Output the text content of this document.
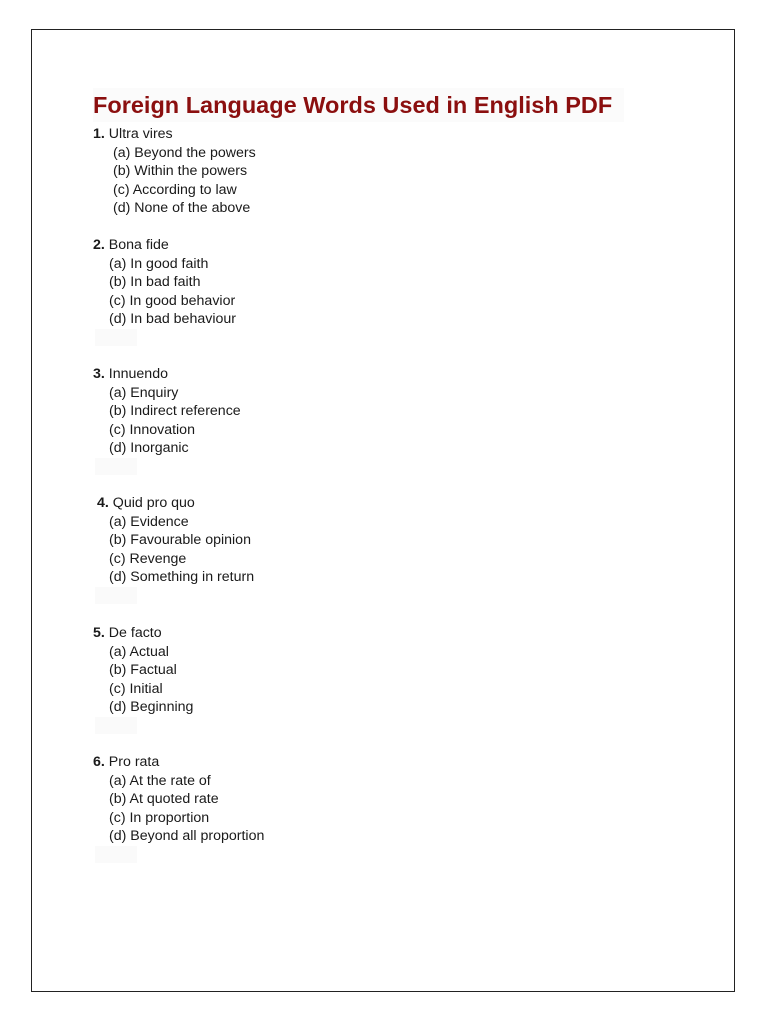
Foreign Language Words Used in English PDF
1. Ultra vires
(a) Beyond the powers
(b) Within the powers
(c) According to law
(d) None of the above
2. Bona fide
(a) In good faith
(b) In bad faith
(c) In good behavior
(d) In bad behaviour
3. Innuendo
(a) Enquiry
(b) Indirect reference
(c) Innovation
(d) Inorganic
4. Quid pro quo
(a) Evidence
(b) Favourable opinion
(c) Revenge
(d) Something in return
5. De facto
(a) Actual
(b) Factual
(c) Initial
(d) Beginning
6. Pro rata
(a) At the rate of
(b) At quoted rate
(c) In proportion
(d) Beyond all proportion
